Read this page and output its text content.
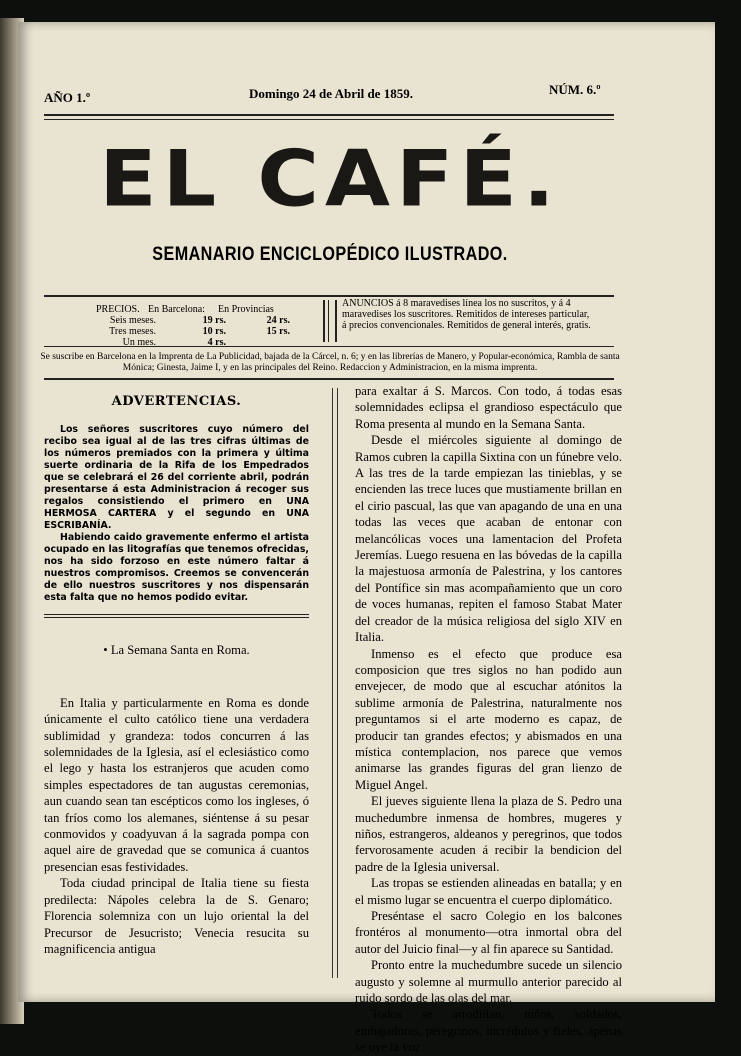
AÑO 1.º	Domingo 24 de Abril de 1859.	NÚM. 6.º
EL CAFÉ.
SEMANARIO ENCICLOPÉDICO ILUSTRADO.
PRECIOS. En Barcelona:	En Provincias
Seis meses.	19 rs.	24 rs.
Tres meses.	10 rs.	15 rs.
Un mes.	4 rs.
ANUNCIOS á 8 maravedises línea los no suscritos, y á 4 maravedises los suscritores. Remitidos de intereses particular, á precios convencionales. Remitidos de general interés, gratis.
Se suscribe en Barcelona en la Imprenta de La Publicidad, bajada de la Cárcel, n. 6; y en las librerías de Manero, y Popular-económica, Rambla de santa Mónica; Ginesta, Jaime I, y en las principales del Reino. Redaccion y Administracion, en la misma imprenta.
ADVERTENCIAS.

Los señores suscritores cuyo número del recibo sea igual al de las tres cifras últimas de los números premiados con la primera y última suerte ordinaria de la Rifa de los Empedrados que se celebrará el 26 del corriente abril, podrán presentarse á esta Administracion á recoger sus regalos consistiendo el primero en UNA HERMOSA CARTERA y el segundo en UNA ESCRIBANÍA.

Habiendo caido gravemente enfermo el artista ocupado en las litografías que tenemos ofrecidas, nos ha sido forzoso en este número faltar á nuestros compromisos. Creemos se convencerán de ello nuestros suscritores y nos dispensarán esta falta que no hemos podido evitar.

• La Semana Santa en Roma.

En Italia y particularmente en Roma es donde únicamente el culto católico tiene una verdadera sublimidad y grandeza: todos concurren á las solemnidades de la Iglesia, así el eclesiástico como el lego y hasta los estranjeros que acuden como simples espectadores de tan augustas ceremonias, aun cuando sean tan escépticos como los ingleses, ó tan fríos como los alemanes, siéntense á su pesar conmovidos y coadyuvan á la sagrada pompa con aquel aire de gravedad que se comunica á cuantos presencian esas festividades.

Toda ciudad principal de Italia tiene su fiesta predilecta: Nápoles celebra la de S. Genaro; Florencia solemniza con un lujo oriental la del Precursor de Jesucristo; Venecia resucita su magnificencia antigua

para exaltar á S. Marcos. Con todo, á todas esas solemnidades eclipsa el grandioso espectáculo que Roma presenta al mundo en la Semana Santa.

Desde el miércoles siguiente al domingo de Ramos cubren la capilla Sixtina con un fúnebre velo. A las tres de la tarde empiezan las tinieblas, y se encienden las trece luces que mustiamente brillan en el cirio pascual, las que van apagando de una en una todas las veces que acaban de entonar con melancólicas voces una lamentacion del Profeta Jeremías. Luego resuena en las bóvedas de la capilla la majestuosa armonía de Palestrina, y los cantores del Pontífice sin mas acompañamiento que un coro de voces humanas, repiten el famoso Stabat Mater del creador de la música religiosa del siglo XIV en Italia.

Inmenso es el efecto que produce esa composicion que tres siglos no han podido aun envejecer, de modo que al escuchar atónitos la sublime armonía de Palestrina, naturalmente nos preguntamos si el arte moderno es capaz, de producir tan grandes efectos; y abismados en una mística contemplacion, nos parece que vemos animarse las grandes figuras del gran lienzo de Miguel Angel.

El jueves siguiente llena la plaza de S. Pedro una muchedumbre inmensa de hombres, mugeres y niños, estrangeros, aldeanos y peregrinos, que todos fervorosamente acuden á recibir la bendicion del padre de la Iglesia universal.

Las tropas se estienden alineadas en batalla; y en el mismo lugar se encuentra el cuerpo diplomático.

Preséntase el sacro Colegio en los balcones frontéros al monumento—otra inmortal obra del autor del Juicio final—y al fin aparece su Santidad.

Pronto entre la muchedumbre sucede un silencio augusto y solemne al murmullo anterior parecido al ruido sordo de las olas del mar.

Todos se arrodillan, niños, soldados, embajadores, peregrinos, incrédulos y fieles, apenas se oye la voz
